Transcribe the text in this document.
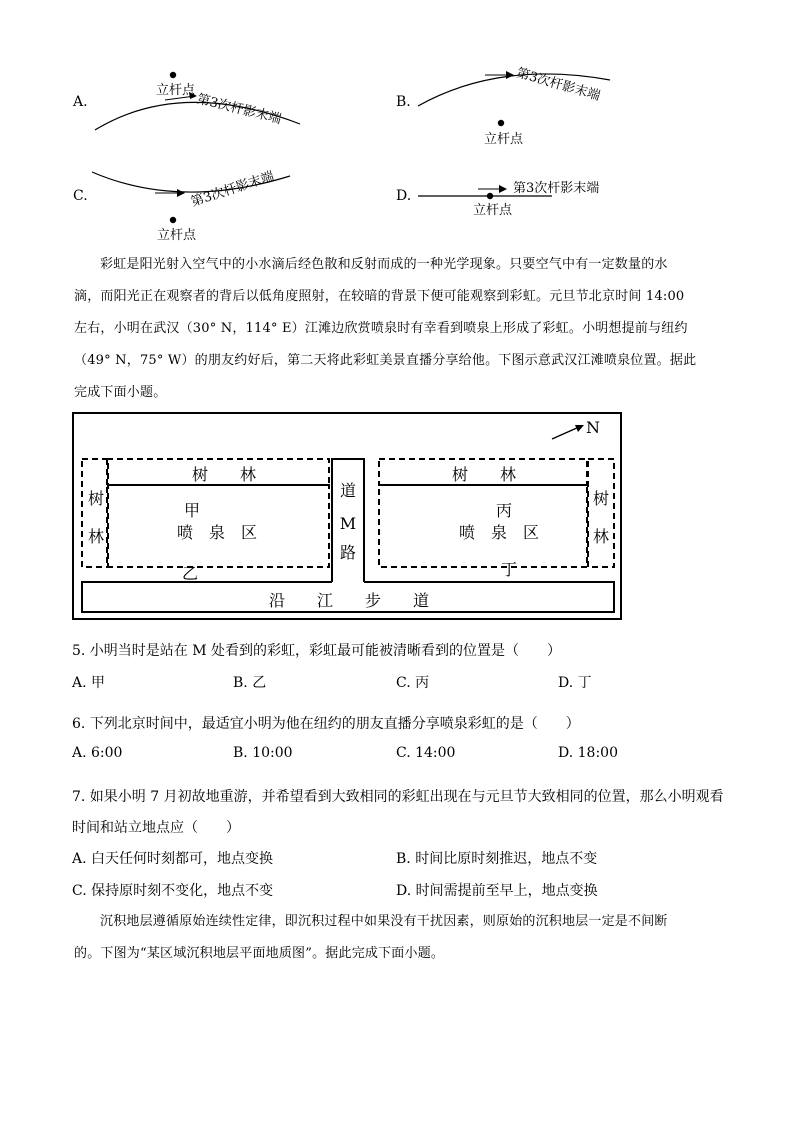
A.	B.
C.	D.
立杆点
第3次杆影末端
立杆点
第3次杆影末端
立杆点
第3次杆影末端
立杆点
第3次杆影末端
彩虹是阳光射入空气中的小水滴后经色散和反射而成的一种光学现象。只要空气中有一定数量的水
滴，而阳光正在观察者的背后以低角度照射，在较暗的背景下便可能观察到彩虹。元旦节北京时间 14:00
左右，小明在武汉（30° N，114° E）江滩边欣赏喷泉时有幸看到喷泉上形成了彩虹。小明想提前与纽约
（49° N，75° W）的朋友约好后，第二天将此彩虹美景直播分享给他。下图示意武汉江滩喷泉位置。据此
完成下面小题。
N
树　　林	树　　林
树
林
树
林
甲	丙
喷　泉　区	喷　泉　区
乙	丁
道
M
路
沿　　江　　步　　道
5. 小明当时是站在 M 处看到的彩虹，彩虹最可能被清晰看到的位置是（　　）
A. 甲	B. 乙	C. 丙	D. 丁
6. 下列北京时间中，最适宜小明为他在纽约的朋友直播分享喷泉彩虹的是（　　）
A. 6:00	B. 10:00	C. 14:00	D. 18:00
7. 如果小明 7 月初故地重游，并希望看到大致相同的彩虹出现在与元旦节大致相同的位置，那么小明观看
时间和站立地点应（　　）
A. 白天任何时刻都可，地点变换	B. 时间比原时刻推迟，地点不变
C. 保持原时刻不变化，地点不变	D. 时间需提前至早上，地点变换
沉积地层遵循原始连续性定律，即沉积过程中如果没有干扰因素，则原始的沉积地层一定是不间断
的。下图为“某区域沉积地层平面地质图”。据此完成下面小题。
